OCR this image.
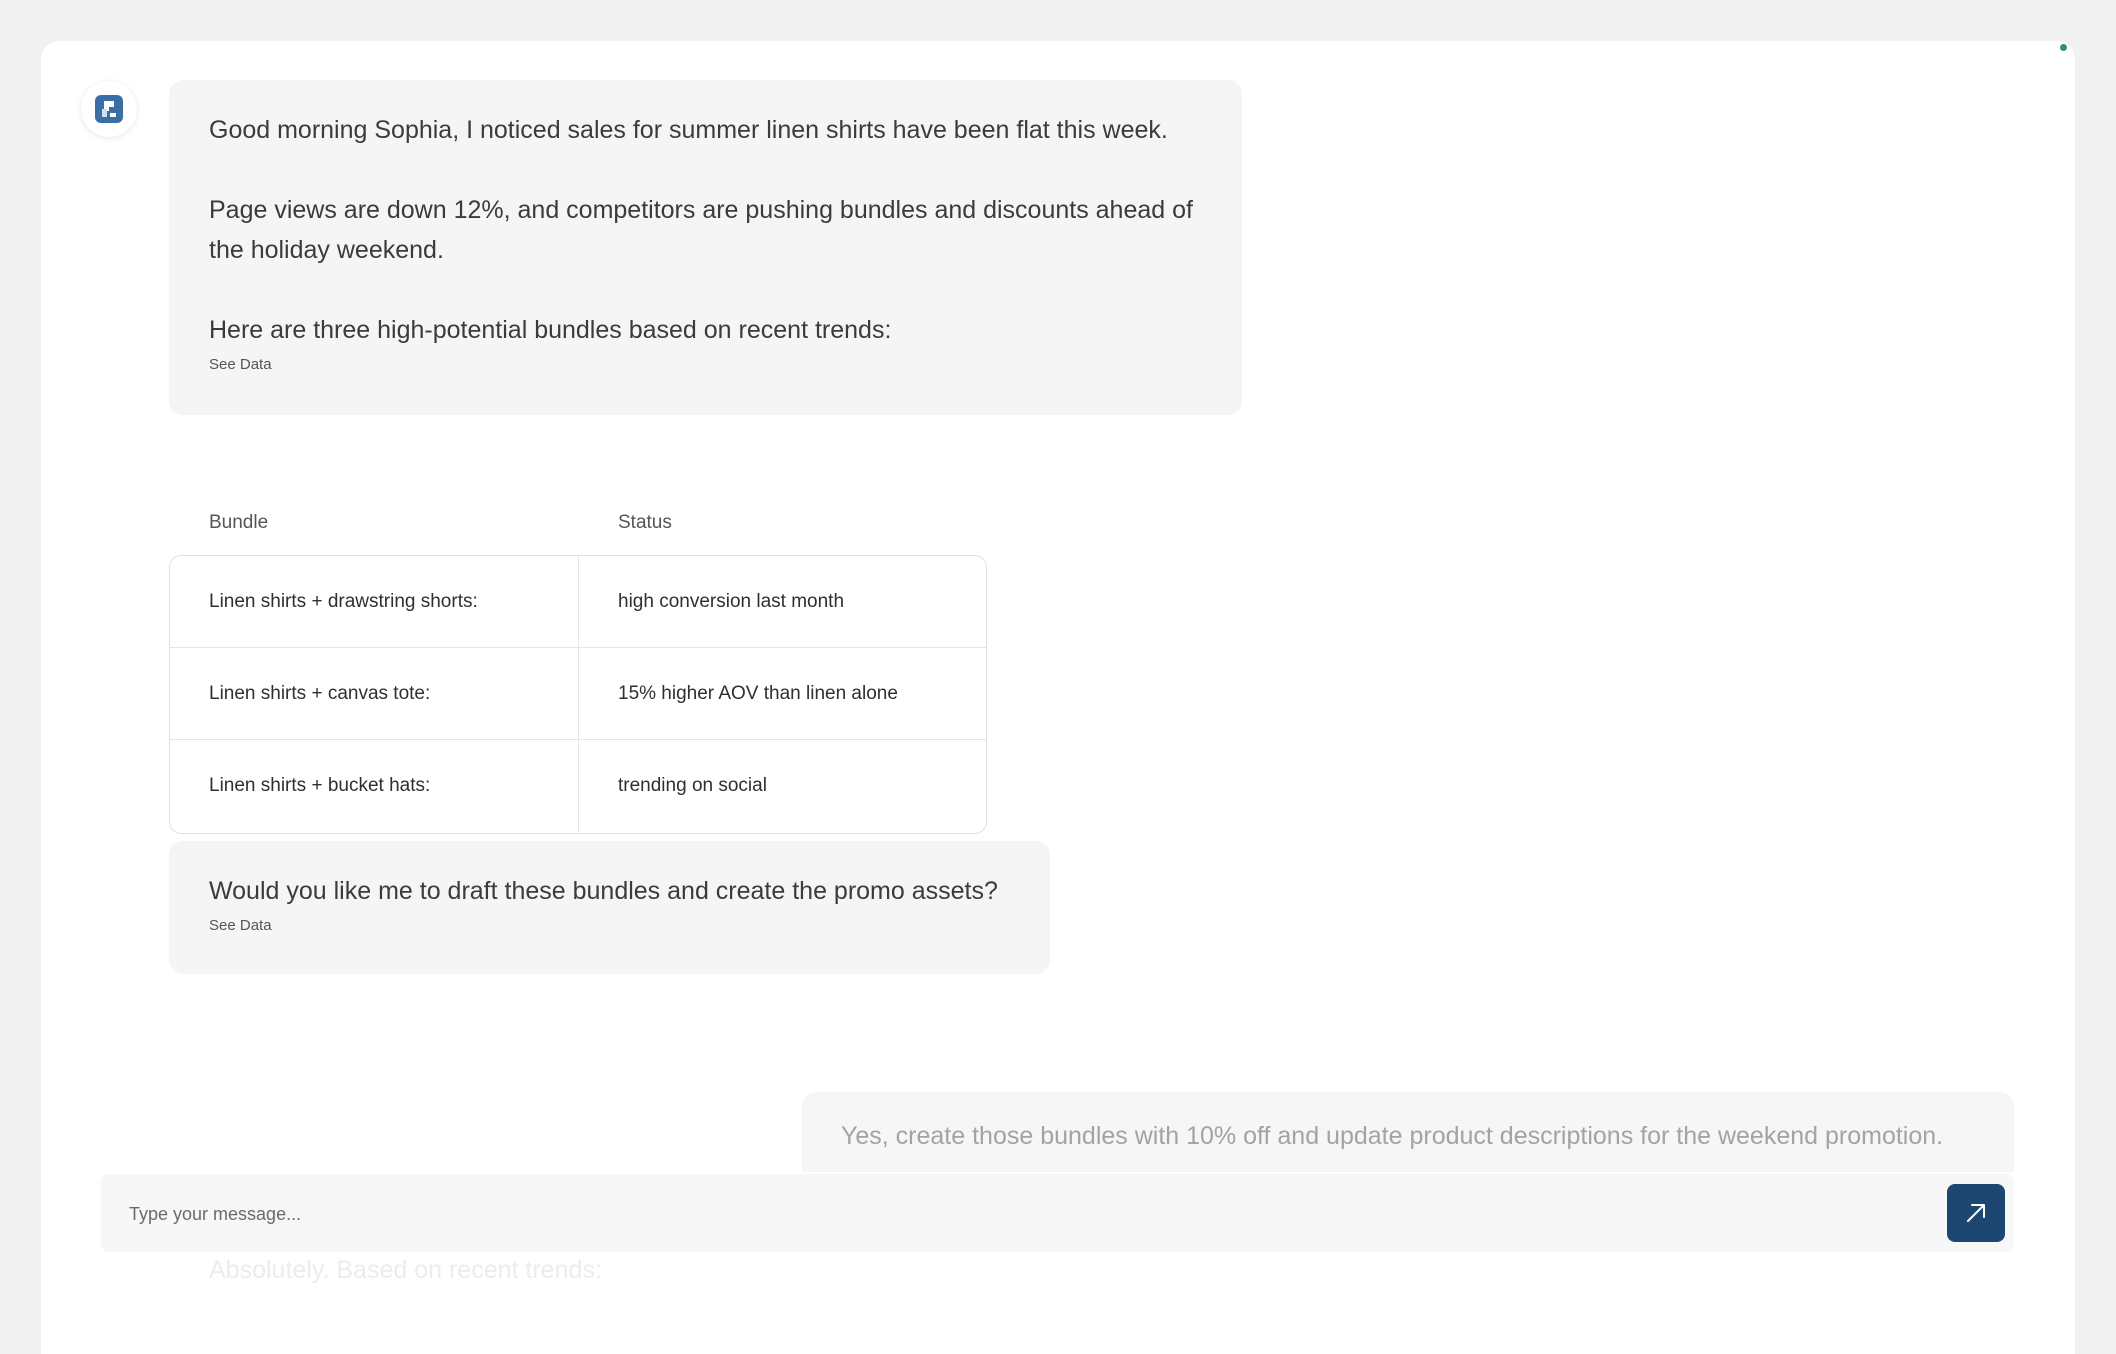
Good morning Sophia, I noticed sales for summer linen shirts have been flat this week.

Page views are down 12%, and competitors are pushing bundles and discounts ahead of the holiday weekend.

Here are three high-potential bundles based on recent trends:

See Data
Bundle	Status
Linen shirts + drawstring shorts:	high conversion last month
Linen shirts + canvas tote:	15% higher AOV than linen alone
Linen shirts + bucket hats:	trending on social

Would you like me to draft these bundles and create the promo assets?

See Data
Yes, create those bundles with 10% off and update product descriptions for the weekend promotion.
Absolutely. Based on recent trends:
Type your message...
